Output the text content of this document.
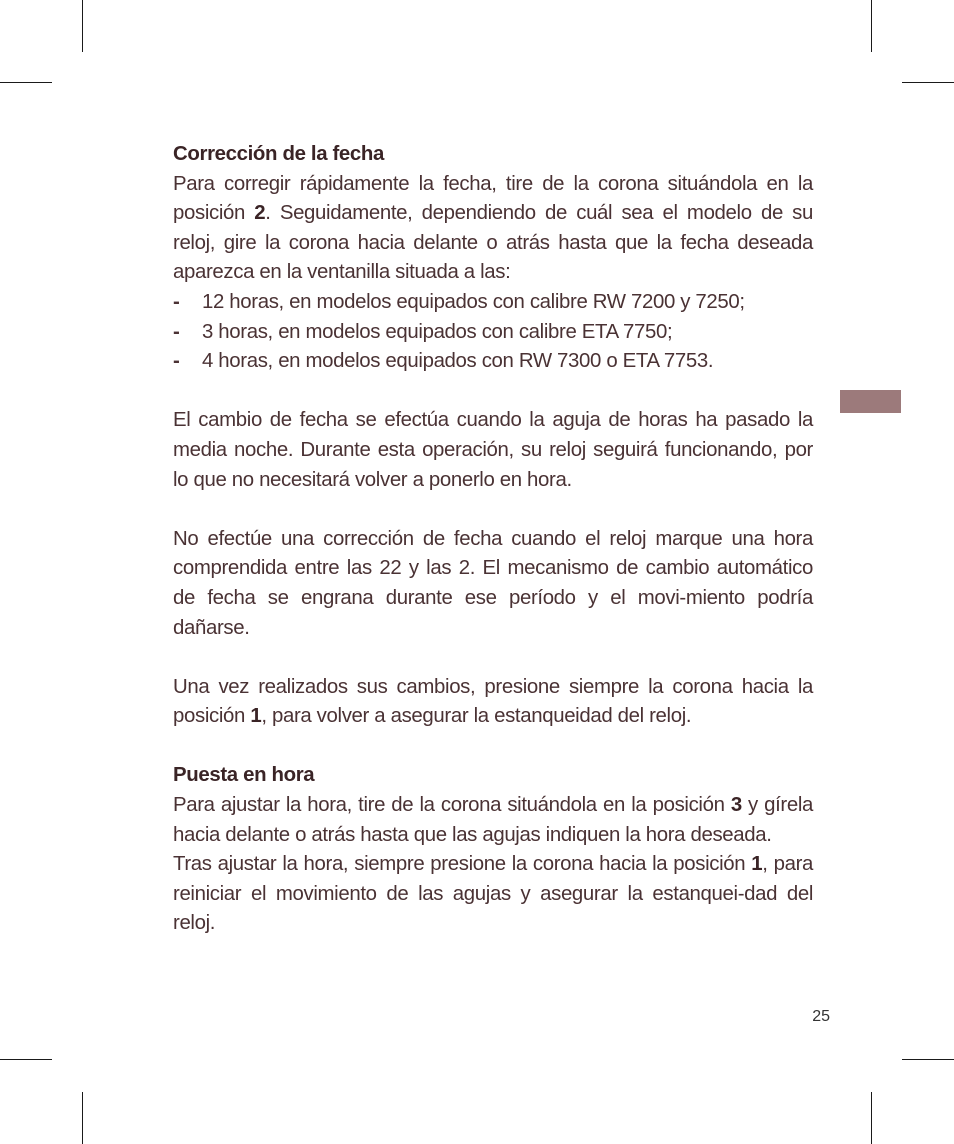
Corrección de la fecha

Para corregir rápidamente la fecha, tire de la corona situándola en la posición 2. Seguidamente, dependiendo de cuál sea el modelo de su reloj, gire la corona hacia delante o atrás hasta que la fecha deseada aparezca en la ventanilla situada a las:

- 12 horas, en modelos equipados con calibre RW 7200 y 7250;
- 3 horas, en modelos equipados con calibre ETA 7750;
- 4 horas, en modelos equipados con RW 7300 o ETA 7753.

El cambio de fecha se efectúa cuando la aguja de horas ha pasado la media noche. Durante esta operación, su reloj seguirá funcionando, por lo que no necesitará volver a ponerlo en hora.

No efectúe una corrección de fecha cuando el reloj marque una hora comprendida entre las 22 y las 2. El mecanismo de cambio automático de fecha se engrana durante ese período y el movi-miento podría dañarse.

Una vez realizados sus cambios, presione siempre la corona hacia la posición 1, para volver a asegurar la estanqueidad del reloj.

Puesta en hora

Para ajustar la hora, tire de la corona situándola en la posición 3 y gírela hacia delante o atrás hasta que las agujas indiquen la hora deseada.

Tras ajustar la hora, siempre presione la corona hacia la posición 1, para reiniciar el movimiento de las agujas y asegurar la estanquei-dad del reloj.

25
